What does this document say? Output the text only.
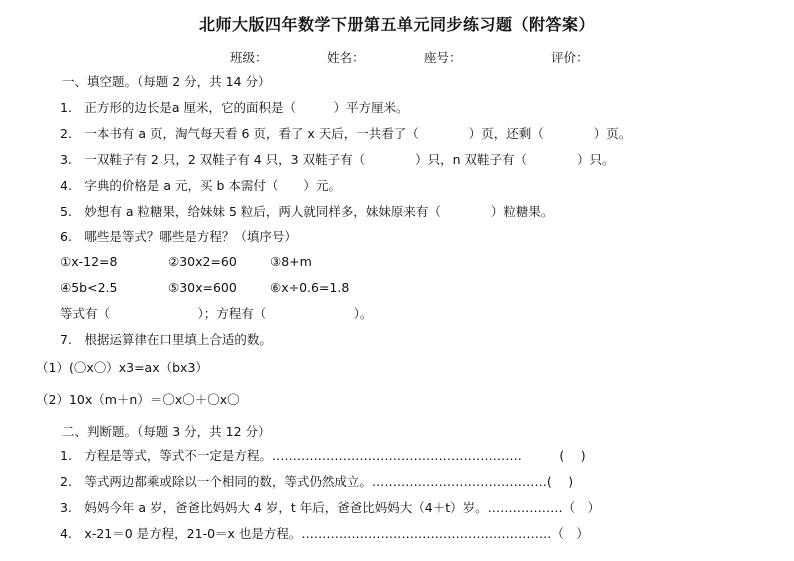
北师大版四年数学下册第五单元同步练习题（附答案）
班级：	姓名：	座号：	评价：
一、填空题。（每题 2 分，共 14 分）
1.　正方形的边长是a 厘米，它的面积是（　　　）平方厘米。
2.　一本书有 a 页，淘气每天看 6 页，看了 x 天后，一共看了（　　　　）页，还剩（　　　　）页。
3.　一双鞋子有 2 只，2 双鞋子有 4 只，3 双鞋子有（　　　　）只，n 双鞋子有（　　　　）只。
4.　字典的价格是 a 元，买 b 本需付（　　）元。
5.　妙想有 a 粒糖果，给妹妹 5 粒后，两人就同样多，妹妹原来有（　　　　）粒糖果。
6.　哪些是等式？哪些是方程？（填序号）
①x-12=8	②30x2=60	③8+m
④5b<2.5	⑤30x=600	⑥x÷0.6=1.8
等式有（　　　　　　　）；方程有（　　　　　　　）。
7.　根据运算律在口里填上合适的数。
（1）(〇x〇）x3=ax（bx3）
（2）10x（m＋n）＝〇x〇＋〇x〇
二、判断题。（每题 3 分，共 12 分）
1.　方程是等式，等式不一定是方程。……………………………………………………　　　(　 )
2.　等式两边都乘或除以一个相同的数，等式仍然成立。……………………………………(　 )
3.　妈妈今年 a 岁，爸爸比妈妈大 4 岁，t 年后，爸爸比妈妈大（4＋t）岁。………………（　）
4.　x-21＝0 是方程，21-0＝x 也是方程。……………………………………………………（　）
